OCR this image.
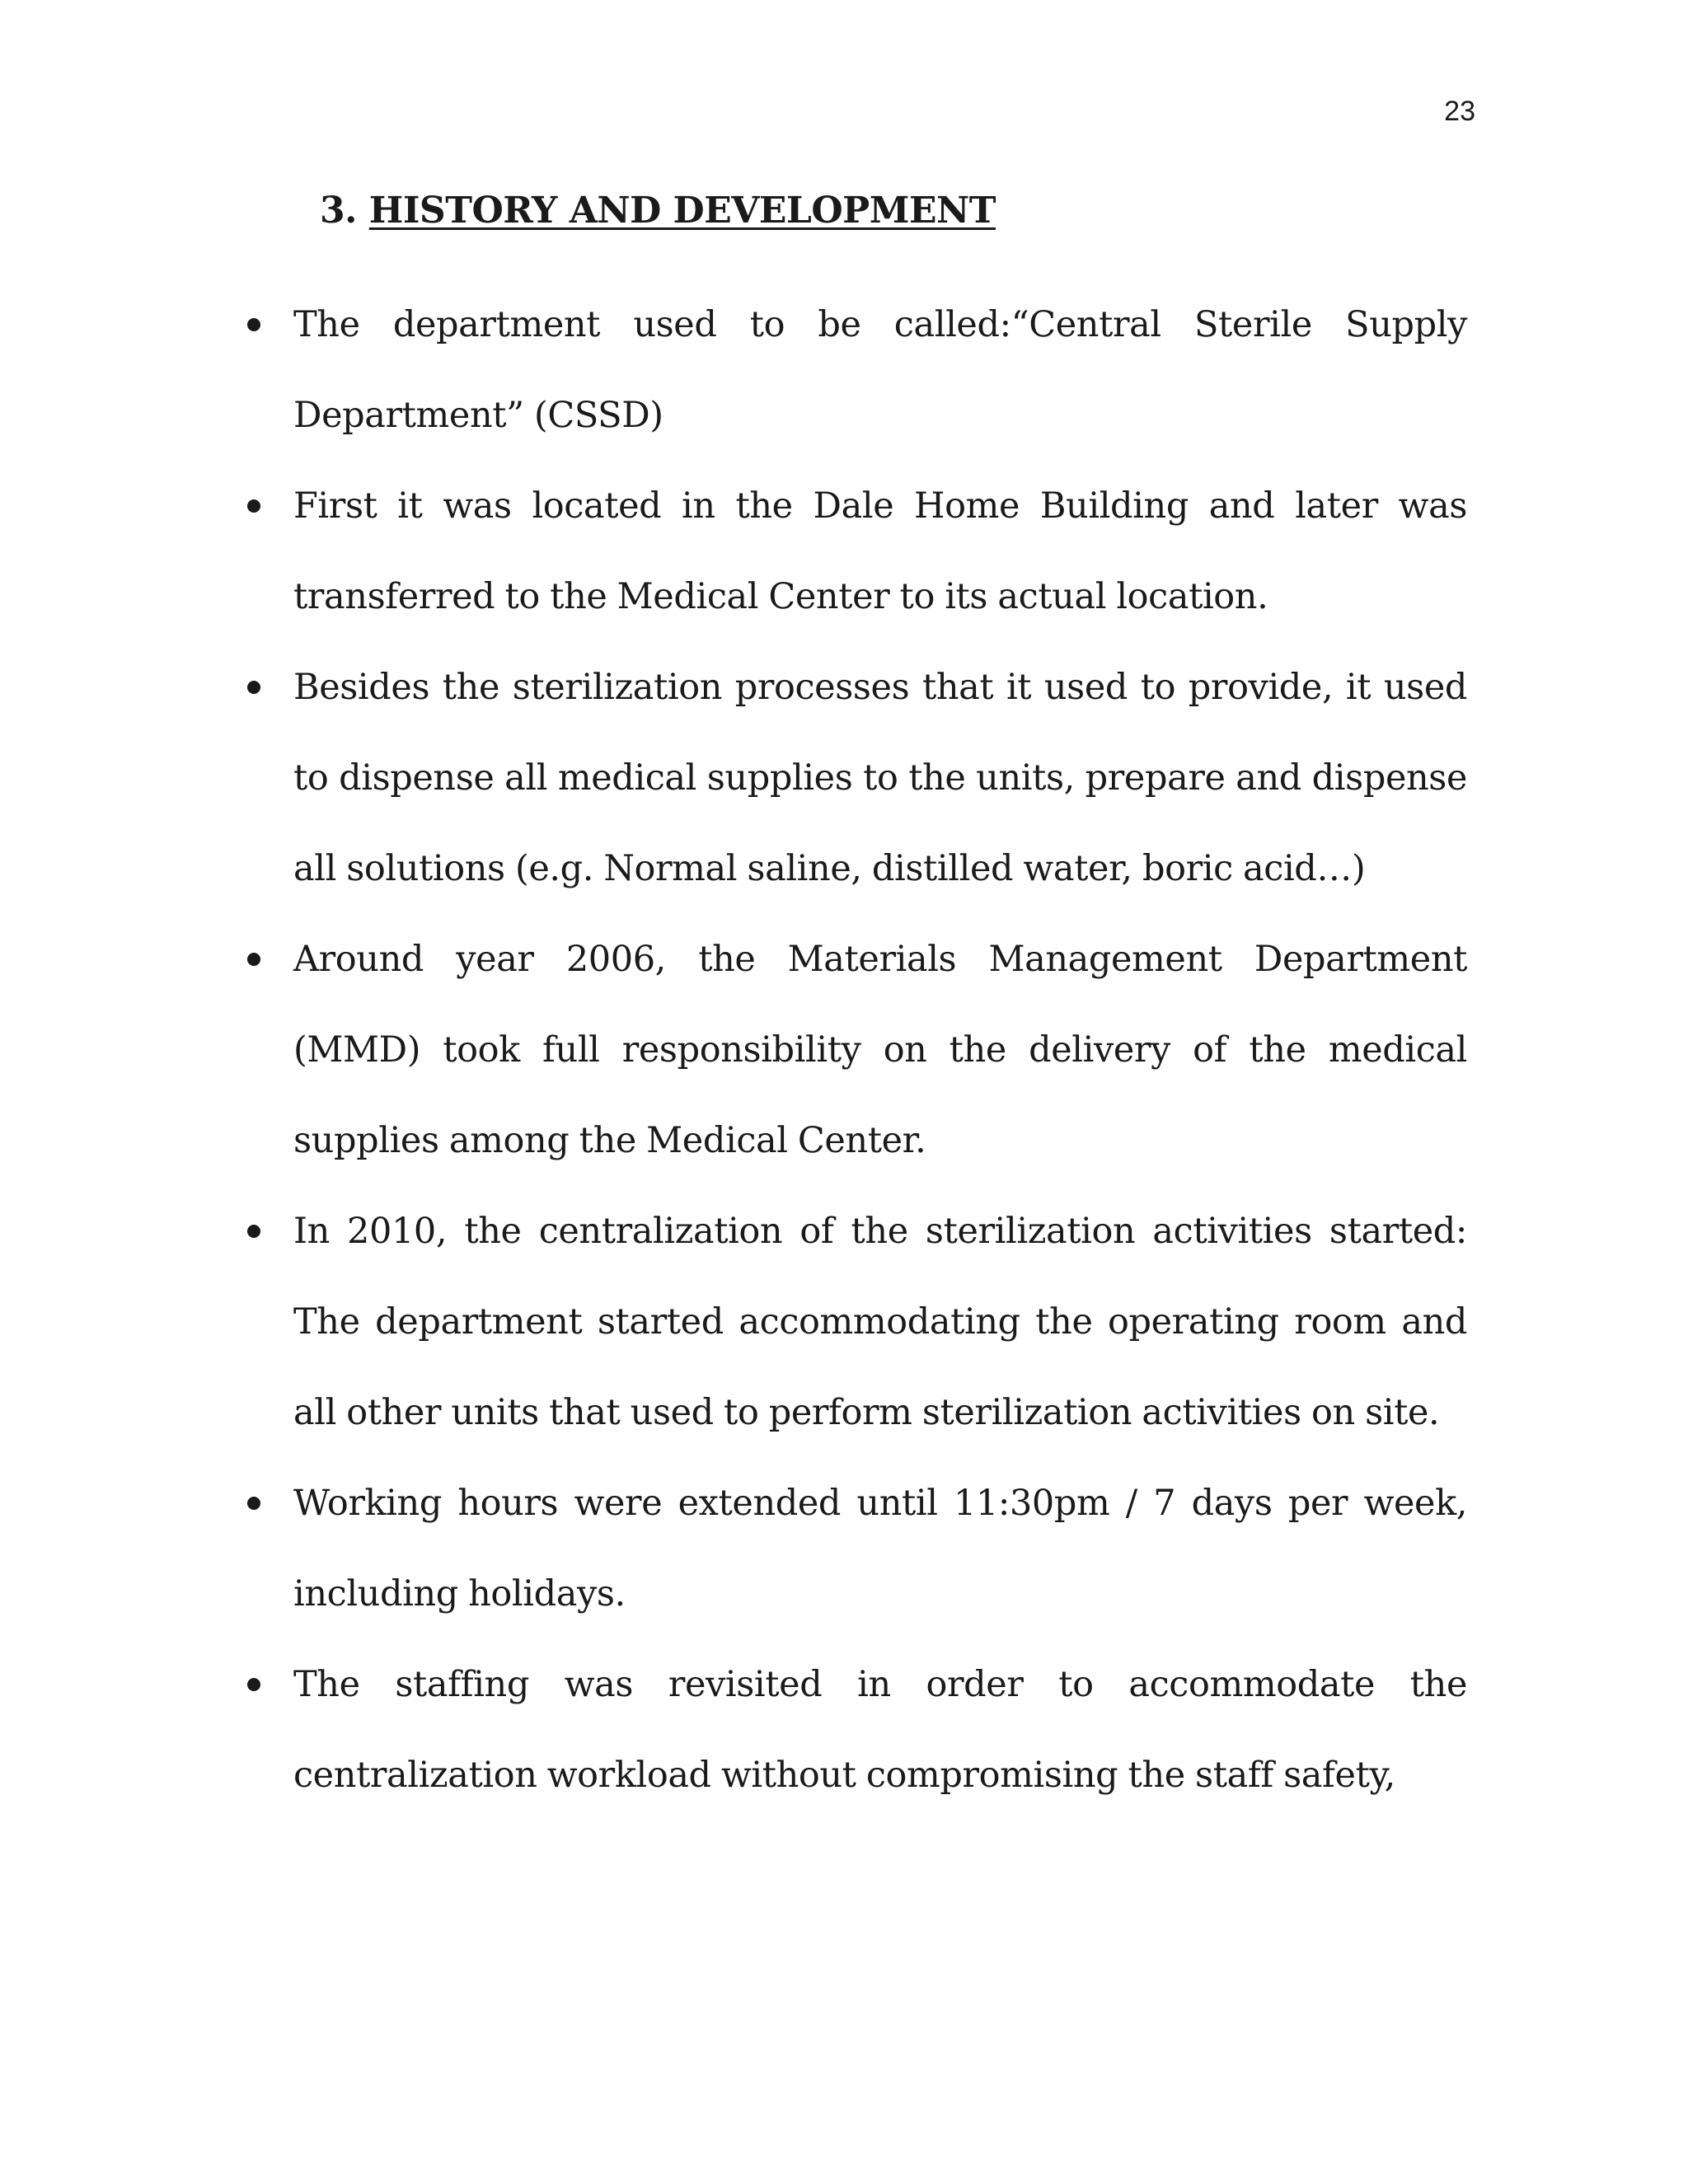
23
3. HISTORY AND DEVELOPMENT
The department used to be called:“Central Sterile Supply Department” (CSSD)
First it was located in the Dale Home Building and later was transferred to the Medical Center to its actual location.
Besides the sterilization processes that it used to provide, it used to dispense all medical supplies to the units, prepare and dispense all solutions (e.g. Normal saline, distilled water, boric acid…)
Around year 2006, the Materials Management Department (MMD) took full responsibility on the delivery of the medical supplies among the Medical Center.
In 2010, the centralization of the sterilization activities started: The department started accommodating the operating room and all other units that used to perform sterilization activities on site.
Working hours were extended until 11:30pm / 7 days per week, including holidays.
The staffing was revisited in order to accommodate the centralization workload without compromising the staff safety,
